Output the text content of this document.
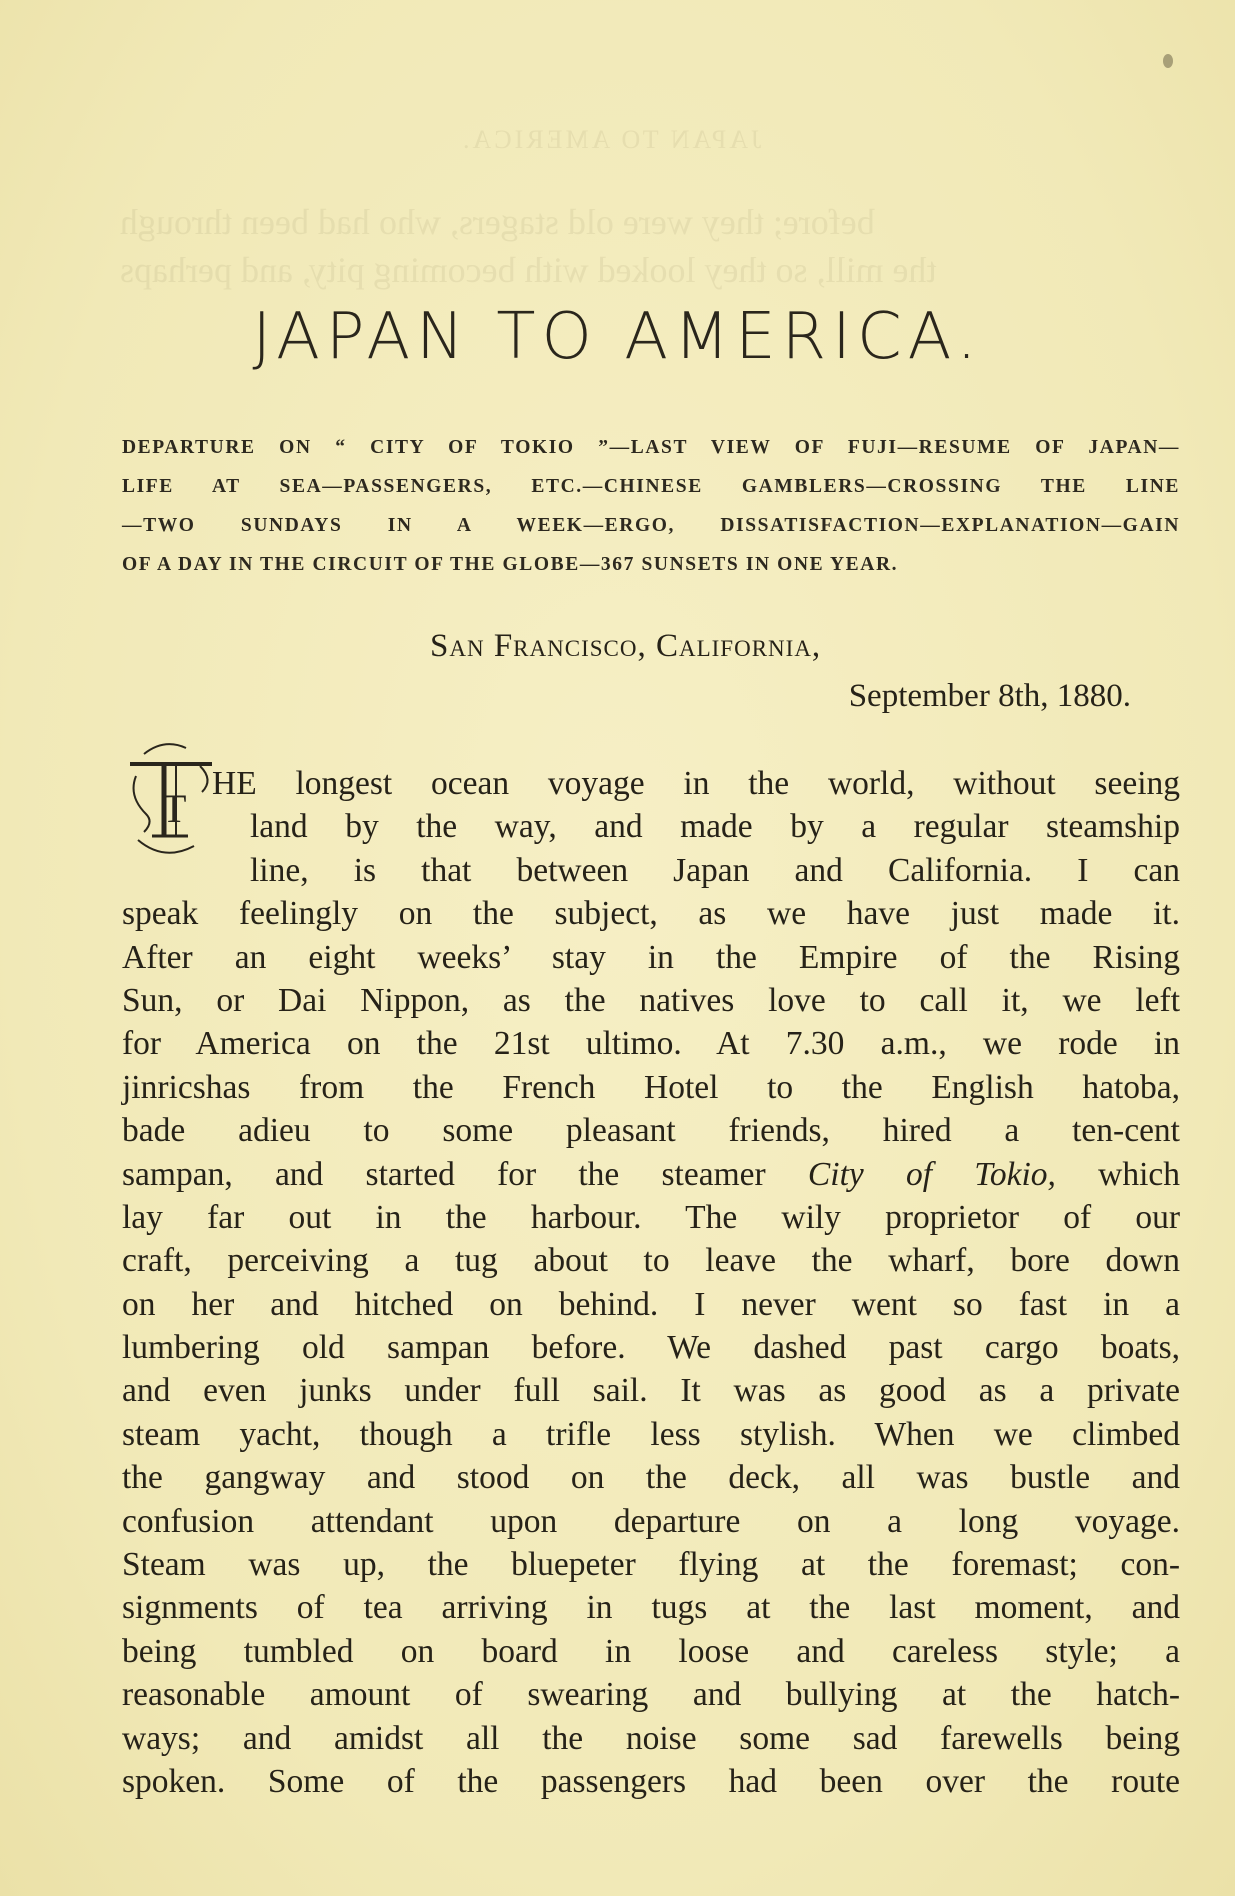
JAPAN TO AMERICA.
before; they were old stagers, who had been through
the mill, so they looked with becoming pity, and perhaps
JAPAN TO AMERICA.
DEPARTURE ON “ CITY OF TOKIO ”—LAST VIEW OF FUJI—RESUME OF JAPAN—
LIFE AT SEA—PASSENGERS, ETC.—CHINESE GAMBLERS—CROSSING THE LINE
—TWO SUNDAYS IN A WEEK—ERGO, DISSATISFACTION—EXPLANATION—GAIN
OF A DAY IN THE CIRCUIT OF THE GLOBE—367 SUNSETS IN ONE YEAR.
San Francisco, California,
September 8th, 1880.
T
HE longest ocean voyage in the world, without seeing
land by the way, and made by a regular steamship
line, is that between Japan and California. I can
speak feelingly on the subject, as we have just made it.
After an eight weeks’ stay in the Empire of the Rising
Sun, or Dai Nippon, as the natives love to call it, we left
for America on the 21st ultimo. At 7.30 a.m., we rode in
jinricshas from the French Hotel to the English hatoba,
bade adieu to some pleasant friends, hired a ten-cent
sampan, and started for the steamer City of Tokio, which
lay far out in the harbour. The wily proprietor of our
craft, perceiving a tug about to leave the wharf, bore down
on her and hitched on behind. I never went so fast in a
lumbering old sampan before. We dashed past cargo boats,
and even junks under full sail. It was as good as a private
steam yacht, though a trifle less stylish. When we climbed
the gangway and stood on the deck, all was bustle and
confusion attendant upon departure on a long voyage.
Steam was up, the bluepeter flying at the foremast; con-
signments of tea arriving in tugs at the last moment, and
being tumbled on board in loose and careless style; a
reasonable amount of swearing and bullying at the hatch-
ways; and amidst all the noise some sad farewells being
spoken. Some of the passengers had been over the route
